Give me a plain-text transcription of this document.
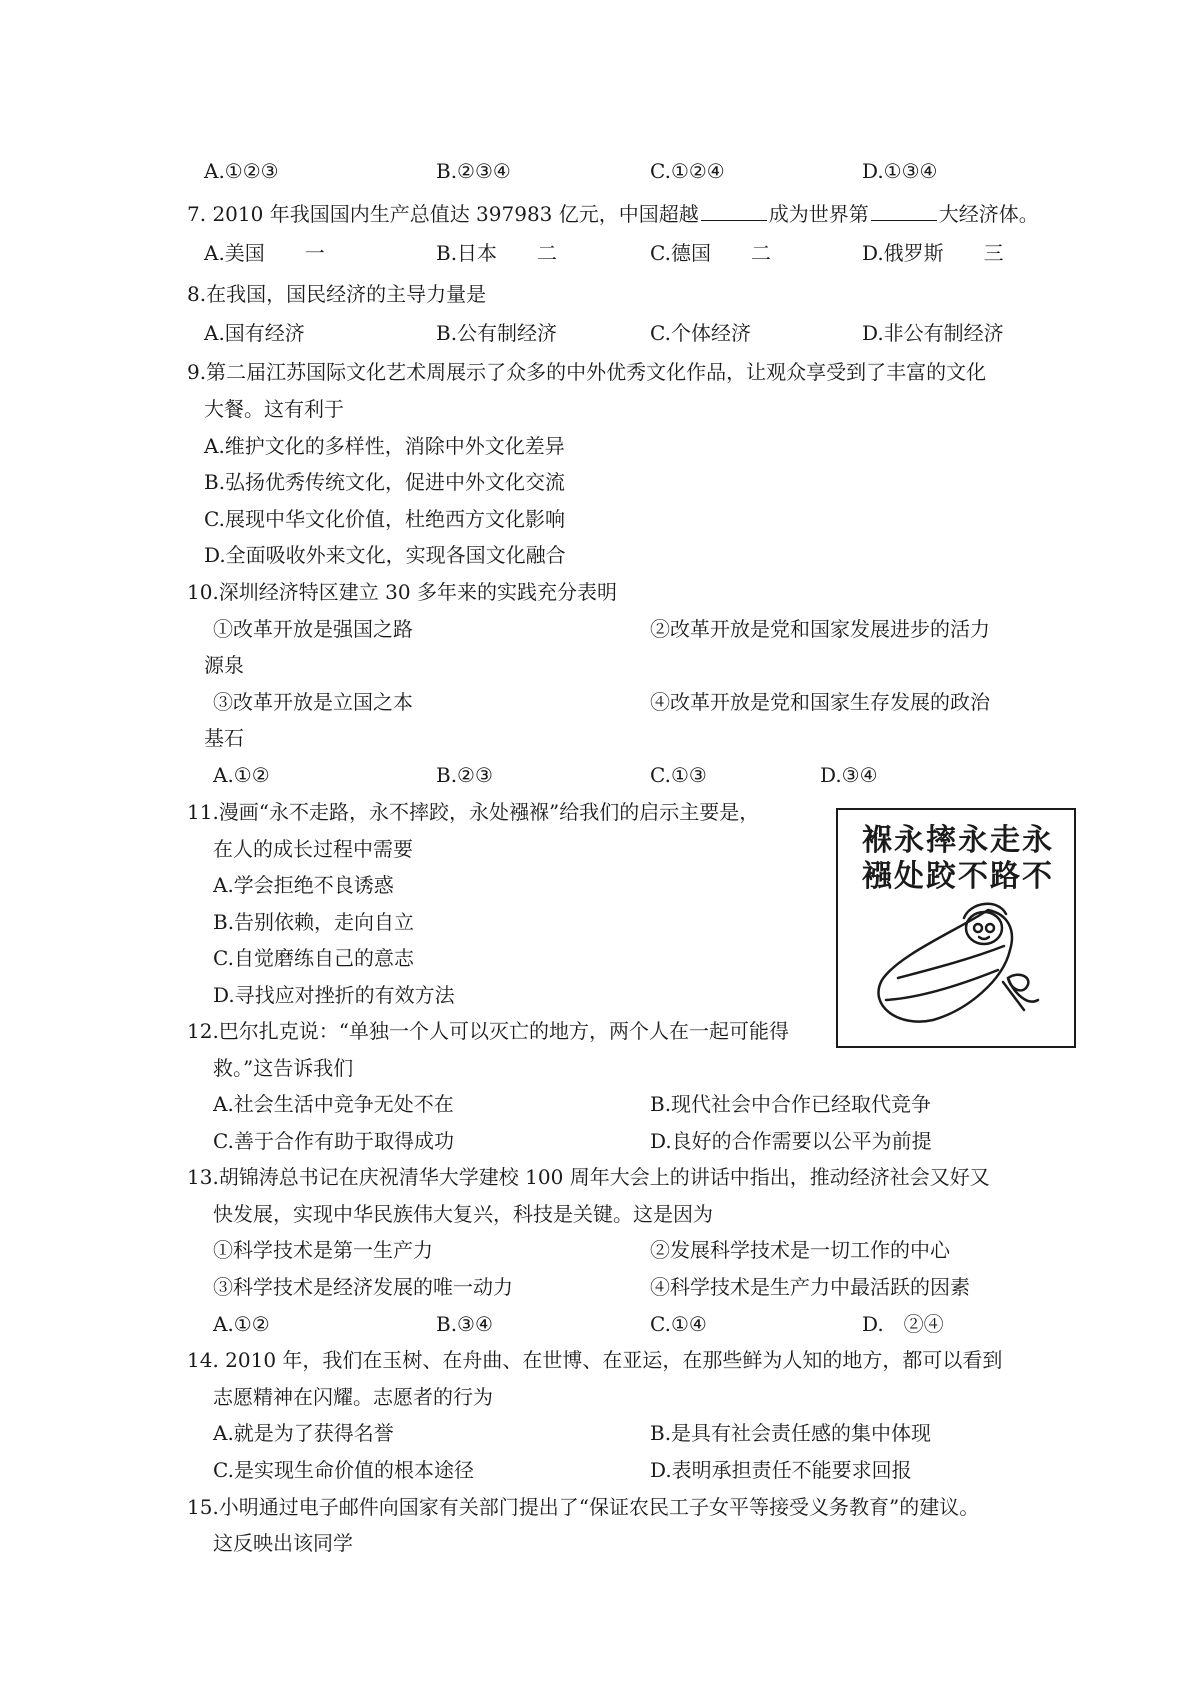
A.①②③	B.②③④	C.①②④	D.①③④
7. 2010 年我国国内生产总值达 397983 亿元，中国超越	成为世界第	大经济体。
A.美国　　一	B.日本　　二	C.德国　　二	D.俄罗斯　　三
8.在我国，国民经济的主导力量是
A.国有经济	B.公有制经济	C.个体经济	D.非公有制经济
9.第二届江苏国际文化艺术周展示了众多的中外优秀文化作品，让观众享受到了丰富的文化
大餐。这有利于
A.维护文化的多样性，消除中外文化差异
B.弘扬优秀传统文化，促进中外文化交流
C.展现中华文化价值，杜绝西方文化影响
D.全面吸收外来文化，实现各国文化融合
10.深圳经济特区建立 30 多年来的实践充分表明
①改革开放是强国之路	②改革开放是党和国家发展进步的活力
源泉
③改革开放是立国之本	④改革开放是党和国家生存发展的政治
基石
A.①②	B.②③	C.①③	D.③④
11.漫画“永不走路，永不摔跤，永处襁褓”给我们的启示主要是，
在人的成长过程中需要
A.学会拒绝不良诱惑
B.告别依赖，走向自立
C.自觉磨练自己的意志
D.寻找应对挫折的有效方法
褓永摔永走永
襁处跤不路不
12.巴尔扎克说：“单独一个人可以灭亡的地方，两个人在一起可能得
救。”这告诉我们
A.社会生活中竞争无处不在	B.现代社会中合作已经取代竞争
C.善于合作有助于取得成功	D.良好的合作需要以公平为前提
13.胡锦涛总书记在庆祝清华大学建校 100 周年大会上的讲话中指出，推动经济社会又好又
快发展，实现中华民族伟大复兴，科技是关键。这是因为
①科学技术是第一生产力	②发展科学技术是一切工作的中心
③科学技术是经济发展的唯一动力	④科学技术是生产力中最活跃的因素
A.①②	B.③④	C.①④	D.　②④
14. 2010 年，我们在玉树、在舟曲、在世博、在亚运，在那些鲜为人知的地方，都可以看到
志愿精神在闪耀。志愿者的行为
A.就是为了获得名誉	B.是具有社会责任感的集中体现
C.是实现生命价值的根本途径	D.表明承担责任不能要求回报
15.小明通过电子邮件向国家有关部门提出了“保证农民工子女平等接受义务教育”的建议。
这反映出该同学
